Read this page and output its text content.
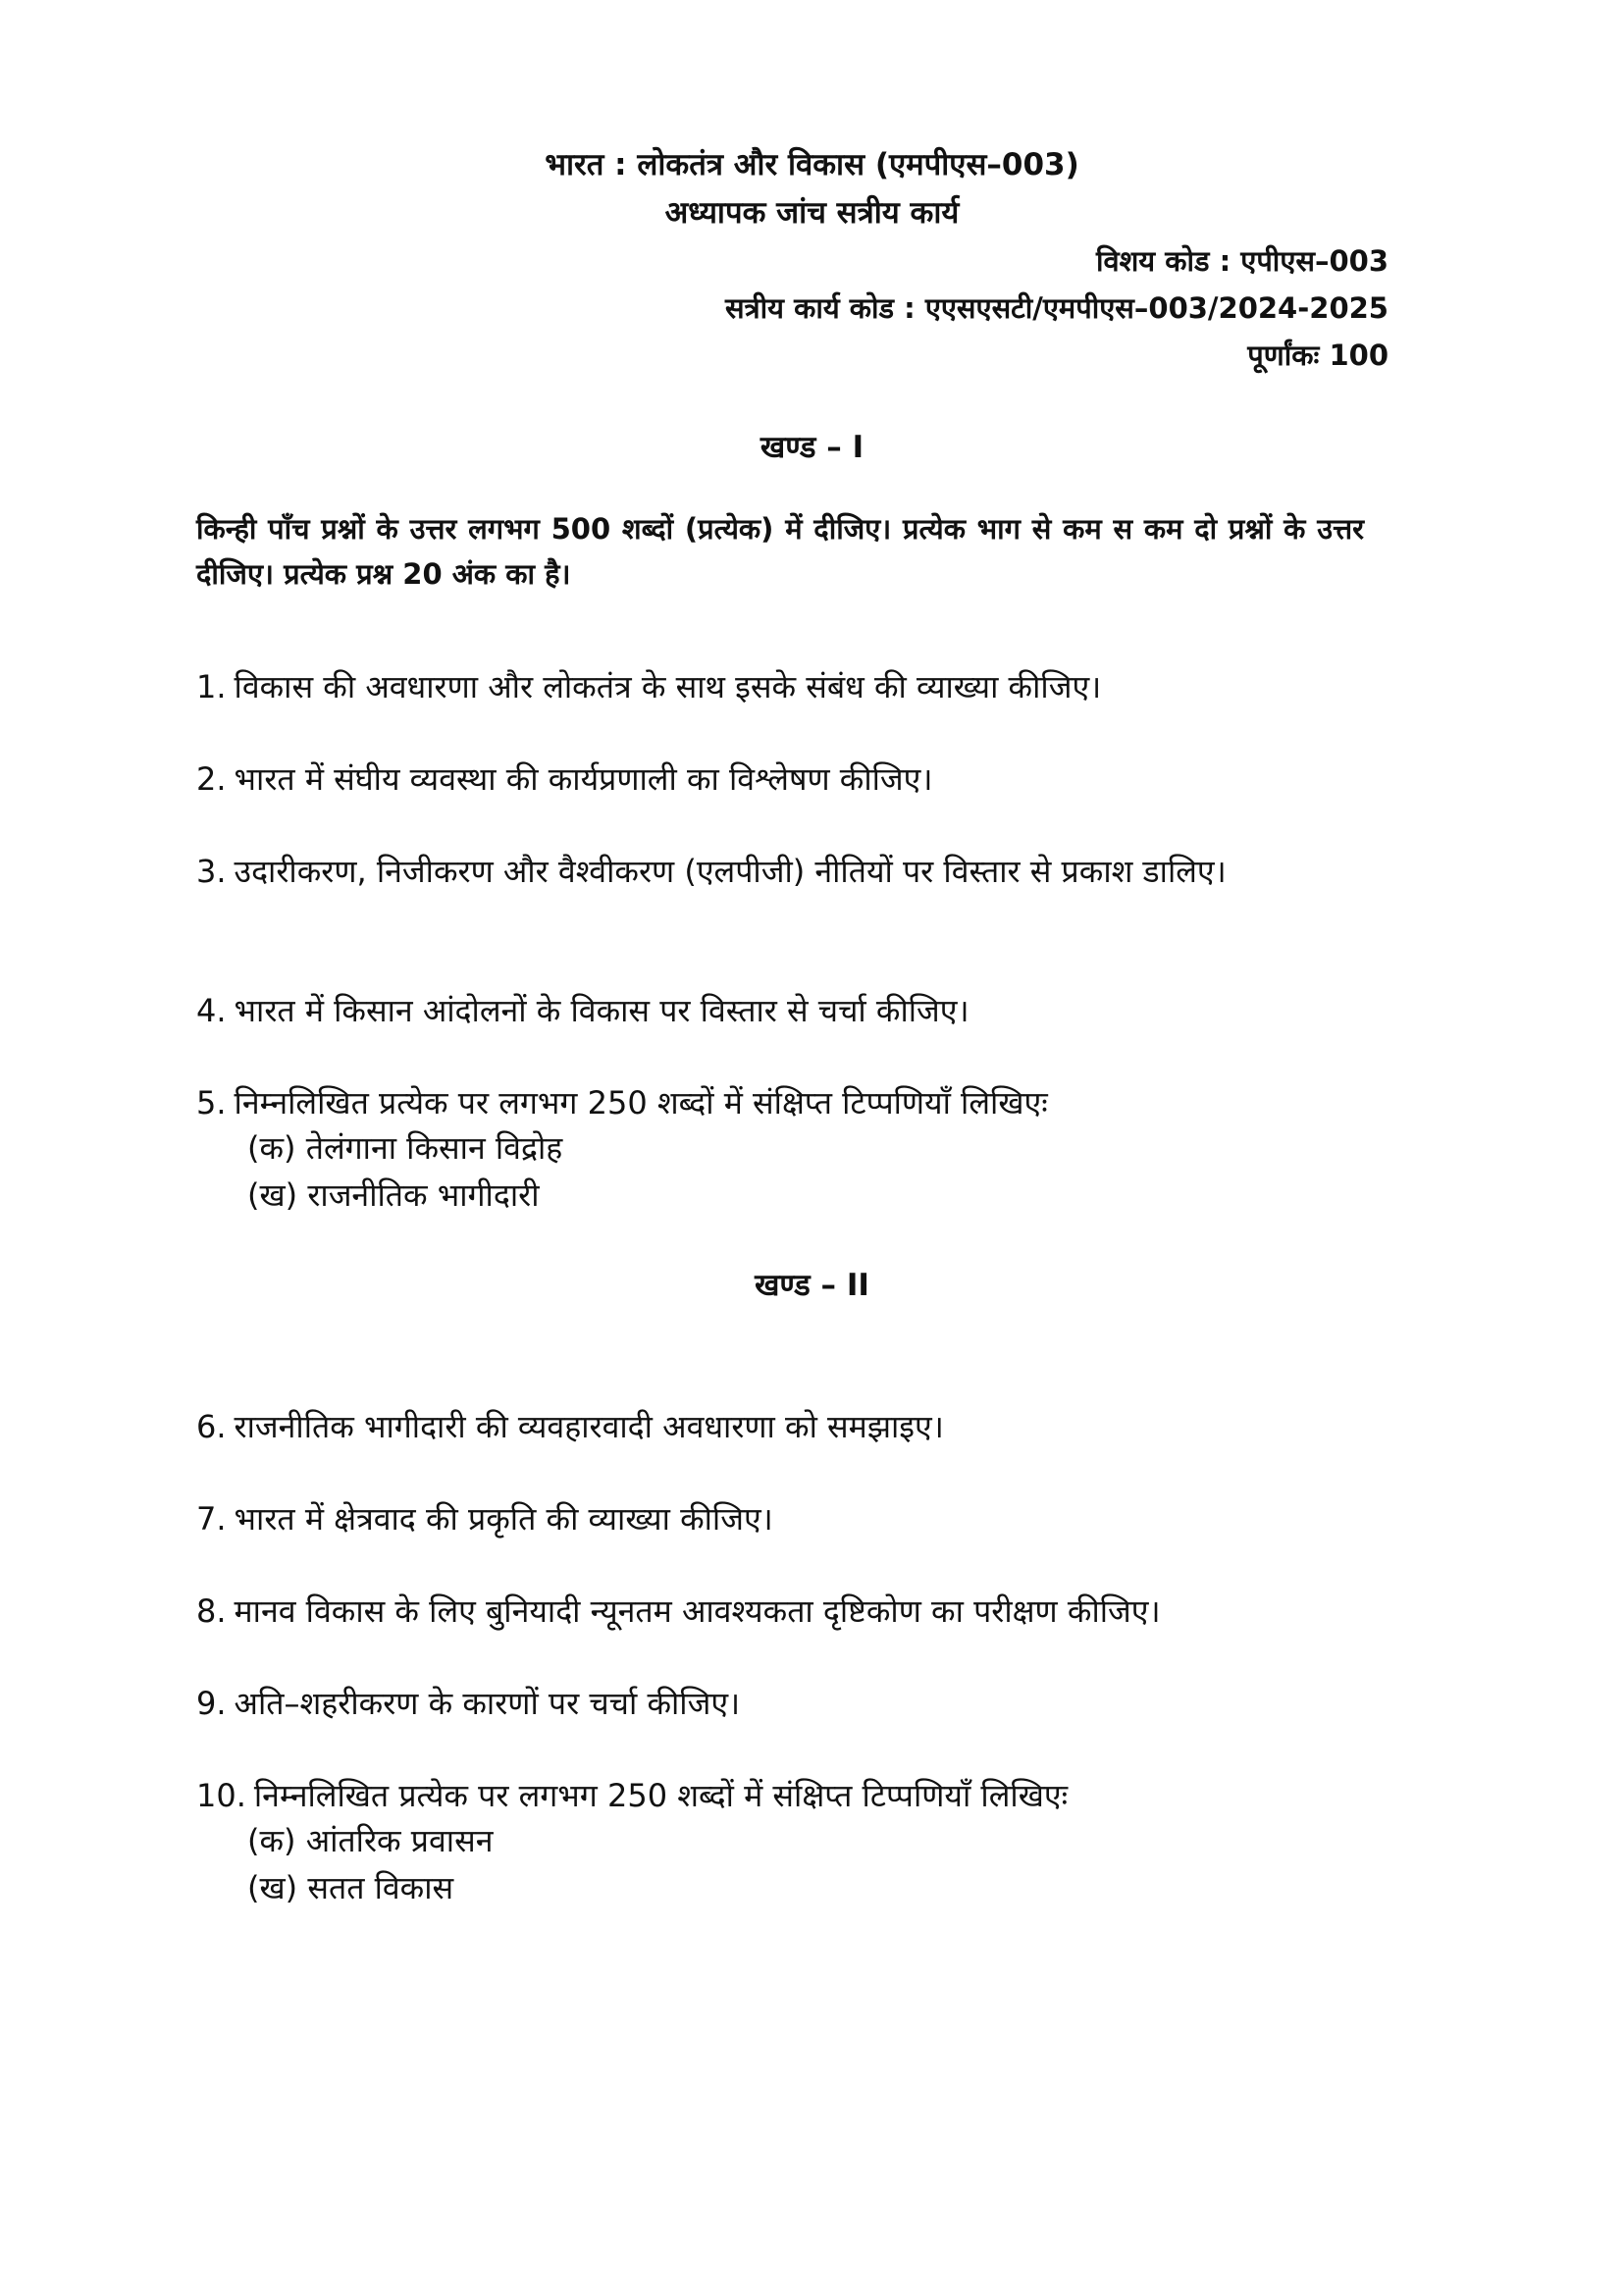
भारत : लोकतंत्र और विकास (एमपीएस–003)
अध्यापक जांच सत्रीय कार्य
विशय कोड : एपीएस–003
सत्रीय कार्य कोड : एएसएसटी/एमपीएस–003/2024-2025
पूर्णांकः 100
खण्ड – I
किन्ही पाँच प्रश्नों के उत्तर लगभग 500 शब्दों (प्रत्येक) में दीजिए। प्रत्येक भाग से कम स कम दो प्रश्नों के उत्तर दीजिए। प्रत्येक प्रश्न 20 अंक का है।
1. विकास की अवधारणा और लोकतंत्र के साथ इसके संबंध की व्याख्या कीजिए।
2. भारत में संघीय व्यवस्था की कार्यप्रणाली का विश्लेषण कीजिए।
3. उदारीकरण, निजीकरण और वैश्वीकरण (एलपीजी) नीतियों पर विस्तार से प्रकाश डालिए।
4. भारत में किसान आंदोलनों के विकास पर विस्तार से चर्चा कीजिए।
5. निम्नलिखित प्रत्येक पर लगभग 250 शब्दों में संक्षिप्त टिप्पणियाँ लिखिएः
(क) तेलंगाना किसान विद्रोह
(ख) राजनीतिक भागीदारी
खण्ड – II
6. राजनीतिक भागीदारी की व्यवहारवादी अवधारणा को समझाइए।
7. भारत में क्षेत्रवाद की प्रकृति की व्याख्या कीजिए।
8. मानव विकास के लिए बुनियादी न्यूनतम आवश्यकता दृष्टिकोण का परीक्षण कीजिए।
9. अति–शहरीकरण के कारणों पर चर्चा कीजिए।
10. निम्नलिखित प्रत्येक पर लगभग 250 शब्दों में संक्षिप्त टिप्पणियाँ लिखिएः
(क) आंतरिक प्रवासन
(ख) सतत विकास
